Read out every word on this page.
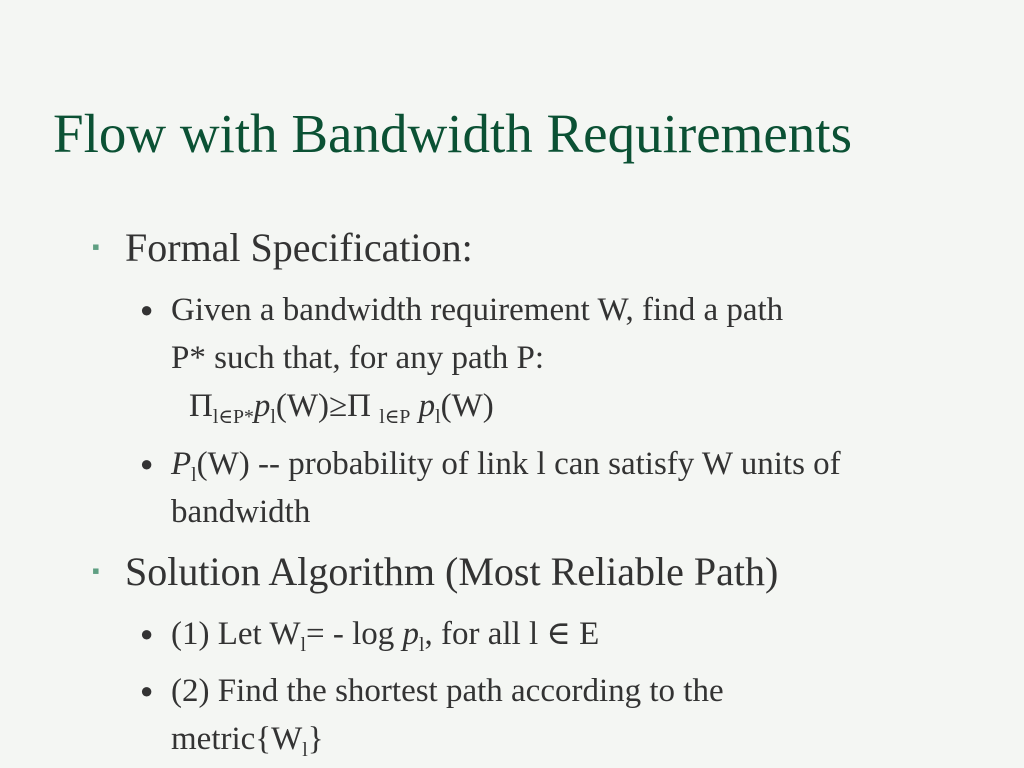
Flow with Bandwidth Requirements
▪ Formal Specification:
● Given a bandwidth requirement W, find a path
P* such that, for any path P:
$\Pi_{l\in P*}p_l(W)\ge\Pi$ $_{l\in P}$ $p_l(W)$
● $P_l(W)$ -- probability of link l can satisfy W units of bandwidth
▪ Solution Algorithm (Most Reliable Path)
● (1) Let $W_l= - \log p_l$, for all l ∈ E
● (2) Find the shortest path according to the $metric\{W_l\}$
